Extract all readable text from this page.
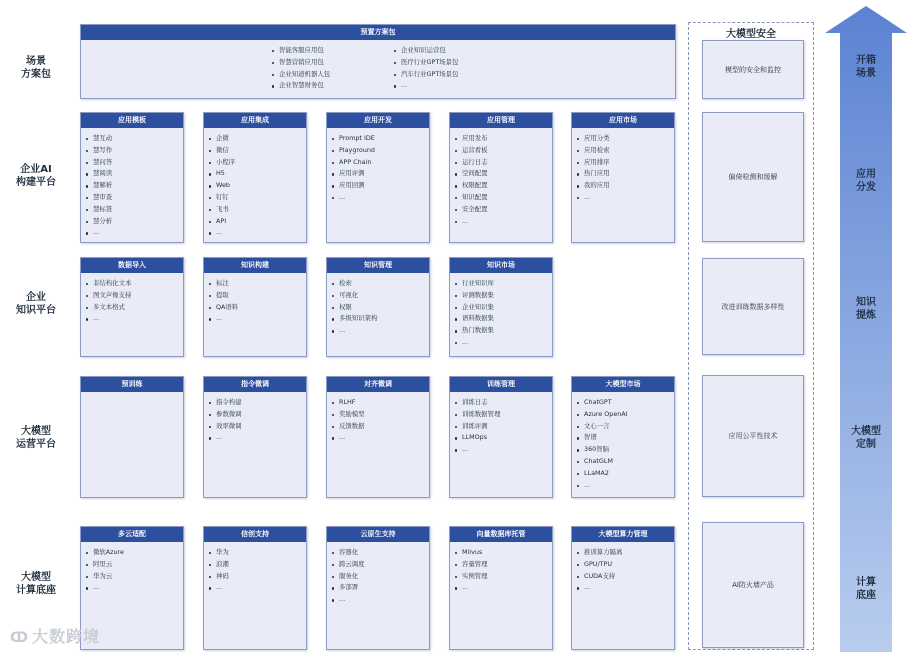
场景
方案包
企业AI
构建平台
企业
知识平台
大模型
运营平台
大模型
计算底座
预置方案包
智能客服应用包
智慧营销应用包
企业知道机器人包
企业智慧财务包
企业知识运营包
医疗行业GPT场景包
汽车行业GPT场景包
...
应用模板
慧互动
慧写作
慧问答
慧阅读
慧解析
慧审查
慧标签
慧分析
...
应用集成
企微
微信
小程序
H5
Web
钉钉
飞书
API
...
应用开发
Prompt IDE
Playground
APP Chain
应用评测
应用回测
...
应用管理
应用发布
运营看板
运行日志
空间配置
权限配置
知识配置
安全配置
...
应用市场
应用分类
应用检索
应用排序
热门应用
我的应用
...
数据导入
非结构化文本
图文声像支持
多文本格式
...
知识构建
标注
提取
QA语料
...
知识管理
检索
可视化
权限
多级知识架构
...
知识市场
行业知识库
评测数据集
企业知识集
语料数据集
热门数据集
...
预训练	指令微调
指令构建
参数微调
效率微调
...
对齐微调
RLHF
奖励模型
反馈数据
...
训练管理
训练日志
训练数据管理
训练评测
LLMOps
...
大模型市场
ChatGPT
Azure OpenAI
文心一言
智谱
360智脑
ChatGLM
LLaMA2
...
多云适配
微软Azure
阿里云
华为云
...
信创支持
华为
浪潮
神码
...
云原生支持
容器化
跨云调度
服务化
多部署
...
向量数据库托管
Milvus
容量管理
实例管理
...
大模型算力管理
推训算力隔离
GPU/TPU
CUDA支持
...
大模型安全
模型的安全和监控
偏倚检测和缓解
改进训练数据多样性
应用公平性技术
AI防火墙产品
开箱
场景
应用
分发
知识
提炼
大模型
定制
计算
底座
ↀ 大数跨境
